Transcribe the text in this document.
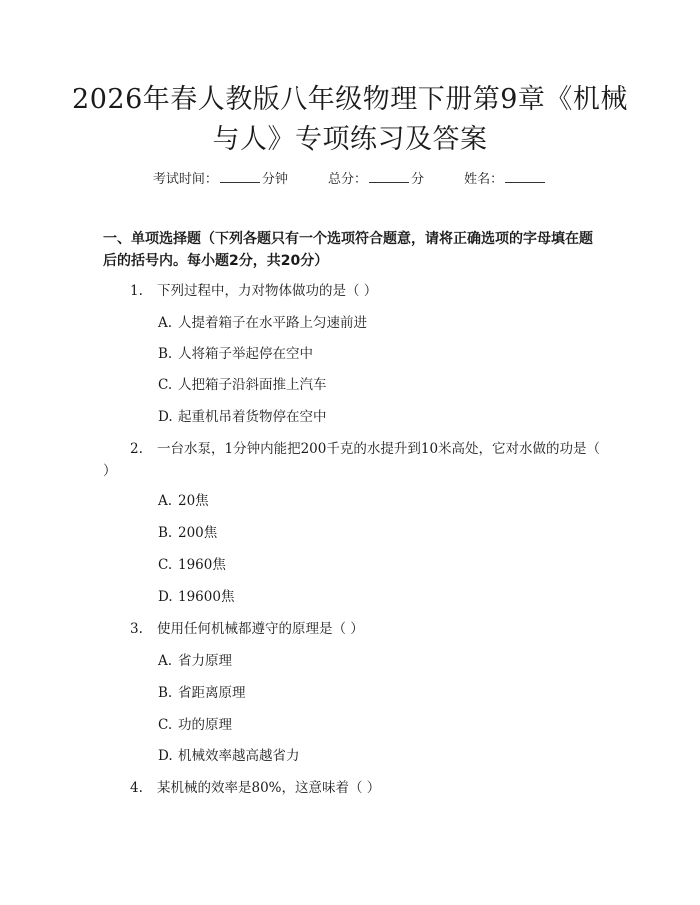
2026年春人教版八年级物理下册第9章《机械与人》专项练习及答案
考试时间：	分钟	总分：	分	姓名：
一、单项选择题（下列各题只有一个选项符合题意，请将正确选项的字母填在题后的括号内。每小题2分，共20分）
1. 下列过程中，力对物体做功的是（ ）
A. 人提着箱子在水平路上匀速前进
B. 人将箱子举起停在空中
C. 人把箱子沿斜面推上汽车
D. 起重机吊着货物停在空中
2. 一台水泵，1分钟内能把200千克的水提升到10米高处，它对水做的功是（ ）
A. 20焦
B. 200焦
C. 1960焦
D. 19600焦
3. 使用任何机械都遵守的原理是（ ）
A. 省力原理
B. 省距离原理
C. 功的原理
D. 机械效率越高越省力
4. 某机械的效率是80%，这意味着（ ）
